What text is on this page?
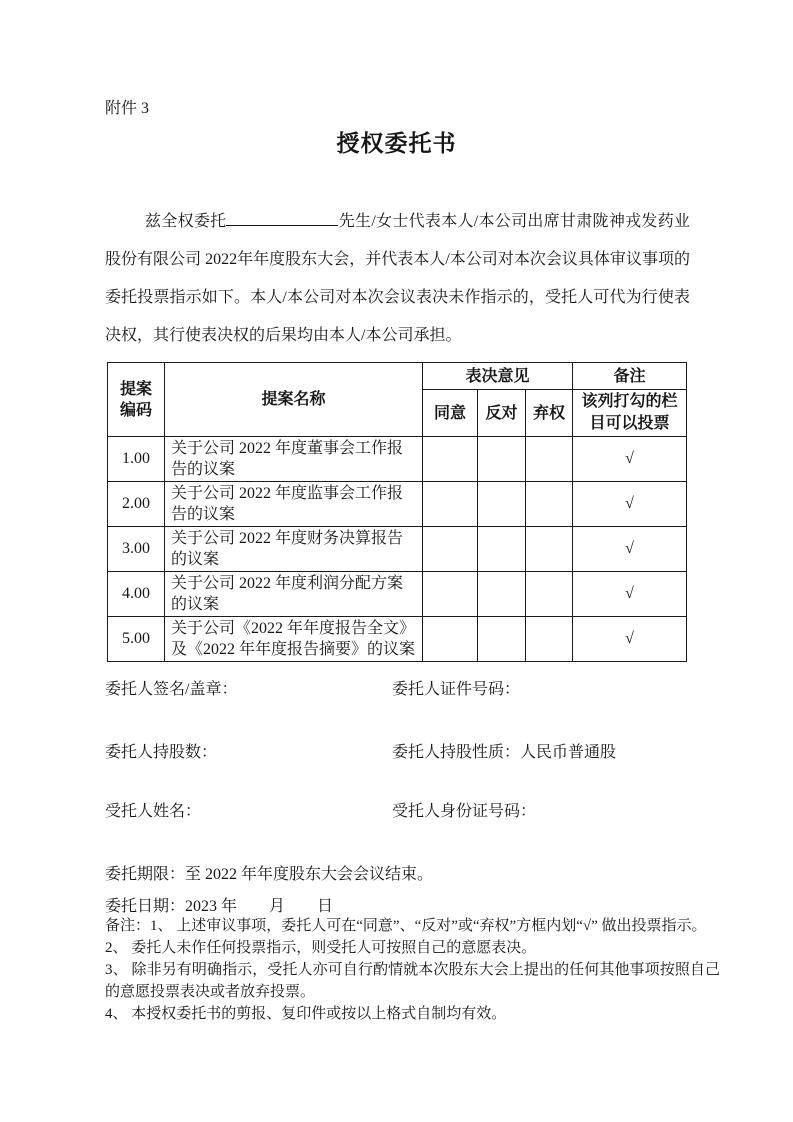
附件 3
授权委托书

兹全权委托	先生/女士代表本人/本公司出席甘肃陇神戎发药业股份有限公司 2022年年度股东大会，并代表本人/本公司对本次会议具体审议事项的委托投票指示如下。本人/本公司对本次会议表决未作指示的，受托人可代为行使表决权，其行使表决权的后果均由本人/本公司承担。

提案编码	提案名称	表决意见			备注
		同意	反对	弃权	该列打勾的栏目可以投票
1.00	关于公司 2022 年度董事会工作报告的议案				√
2.00	关于公司 2022 年度监事会工作报告的议案				√
3.00	关于公司 2022 年度财务决算报告的议案				√
4.00	关于公司 2022 年度利润分配方案的议案				√
5.00	关于公司《2022 年年度报告全文》及《2022 年年度报告摘要》的议案				√
委托人签名/盖章：	委托人证件号码：
委托人持股数：	委托人持股性质：人民币普通股
受托人姓名：	受托人身份证号码：
委托期限：至 2022 年年度股东大会会议结束。
委托日期：2023 年　　月　　日

备注：1、 上述审议事项，委托人可在“同意”、“反对”或“弃权”方框内划“√” 做出投票指示。

2、 委托人未作任何投票指示，则受托人可按照自己的意愿表决。

3、 除非另有明确指示，受托人亦可自行酌情就本次股东大会上提出的任何其他事项按照自己的意愿投票表决或者放弃投票。

4、 本授权委托书的剪报、复印件或按以上格式自制均有效。
